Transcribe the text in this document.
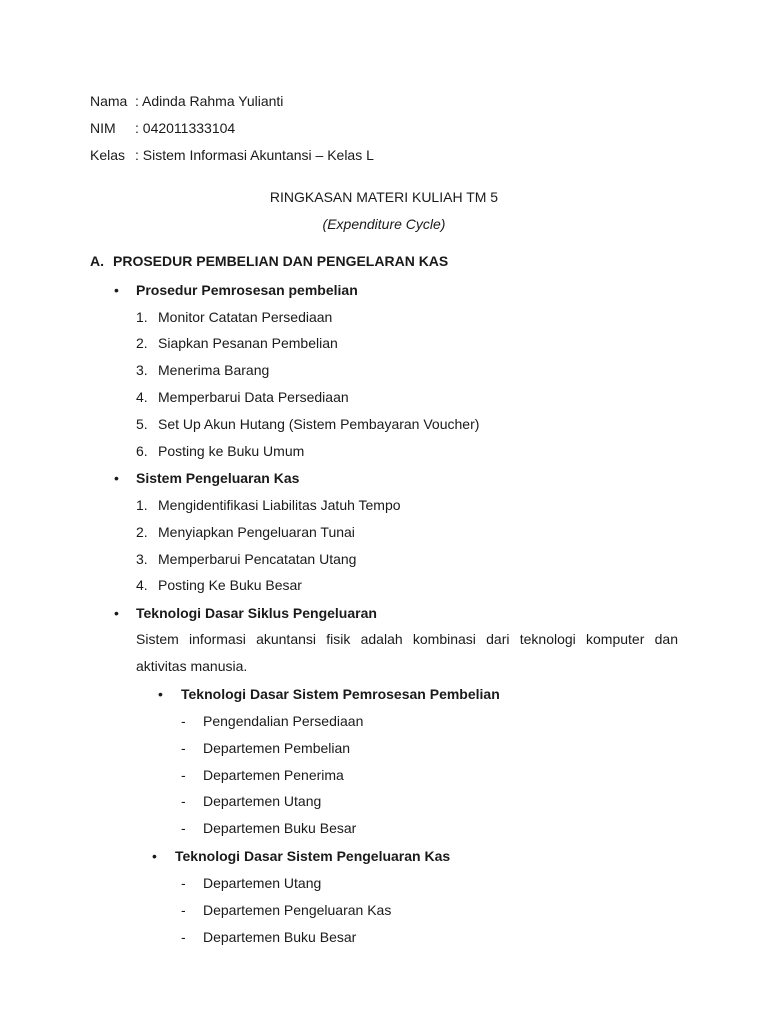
Nama : Adinda Rahma Yulianti
NIM : 042011333104
Kelas : Sistem Informasi Akuntansi – Kelas L
RINGKASAN MATERI KULIAH TM 5
(Expenditure Cycle)
A. PROSEDUR PEMBELIAN DAN PENGELARAN KAS
• Prosedur Pemrosesan pembelian
1. Monitor Catatan Persediaan
2. Siapkan Pesanan Pembelian
3. Menerima Barang
4. Memperbarui Data Persediaan
5. Set Up Akun Hutang (Sistem Pembayaran Voucher)
6. Posting ke Buku Umum
• Sistem Pengeluaran Kas
1. Mengidentifikasi Liabilitas Jatuh Tempo
2. Menyiapkan Pengeluaran Tunai
3. Memperbarui Pencatatan Utang
4. Posting Ke Buku Besar
• Teknologi Dasar Siklus Pengeluaran
Sistem informasi akuntansi fisik adalah kombinasi dari teknologi komputer dan
aktivitas manusia.
• Teknologi Dasar Sistem Pemrosesan Pembelian
- Pengendalian Persediaan
- Departemen Pembelian
- Departemen Penerima
- Departemen Utang
- Departemen Buku Besar
• Teknologi Dasar Sistem Pengeluaran Kas
- Departemen Utang
- Departemen Pengeluaran Kas
- Departemen Buku Besar
